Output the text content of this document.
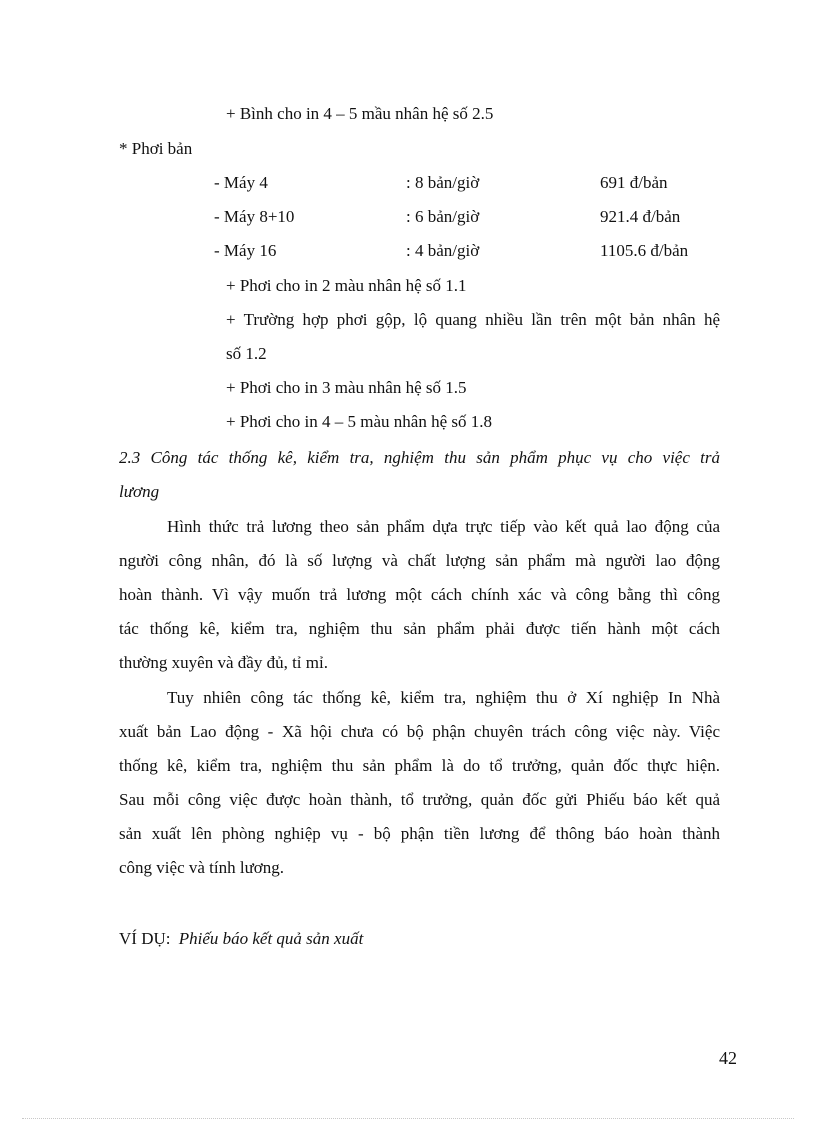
+ Bình cho in 4 – 5 mầu nhân hệ số 2.5
* Phơi bản
- Máy 4	: 8 bản/giờ	691 đ/bản
- Máy 8+10	: 6 bản/giờ	921.4 đ/bản
- Máy 16	: 4 bản/giờ	1105.6 đ/bản
+ Phơi cho in 2 màu nhân hệ số 1.1
+ Trường hợp phơi gộp, lộ quang nhiều lần trên một bản nhân hệ
số 1.2
+ Phơi cho in 3 màu nhân hệ số 1.5
+ Phơi cho in 4 – 5 màu nhân hệ số 1.8
2.3 Công tác thống kê, kiểm tra, nghiệm thu sản phẩm phục vụ cho việc trả
lương
Hình thức trả lương theo sản phẩm dựa trực tiếp vào kết quả lao động của
người công nhân, đó là số lượng và chất lượng sản phẩm mà người lao động
hoàn thành. Vì vậy muốn trả lương một cách chính xác và công bằng thì công
tác thống kê, kiểm tra, nghiệm thu sản phẩm phải được tiến hành một cách
thường xuyên và đầy đủ, tỉ mỉ.
Tuy nhiên công tác thống kê, kiểm tra, nghiệm thu ở Xí nghiệp In Nhà
xuất bản Lao động - Xã hội chưa có bộ phận chuyên trách công việc này. Việc
thống kê, kiểm tra, nghiệm thu sản phẩm là do tổ trưởng, quản đốc thực hiện.
Sau mỗi công việc được hoàn thành, tổ trưởng, quản đốc gửi Phiếu báo kết quả
sản xuất lên phòng nghiệp vụ - bộ phận tiền lương để thông báo hoàn thành
công việc và tính lương.
VÍ DỤ: Phiếu báo kết quả sản xuất
42
